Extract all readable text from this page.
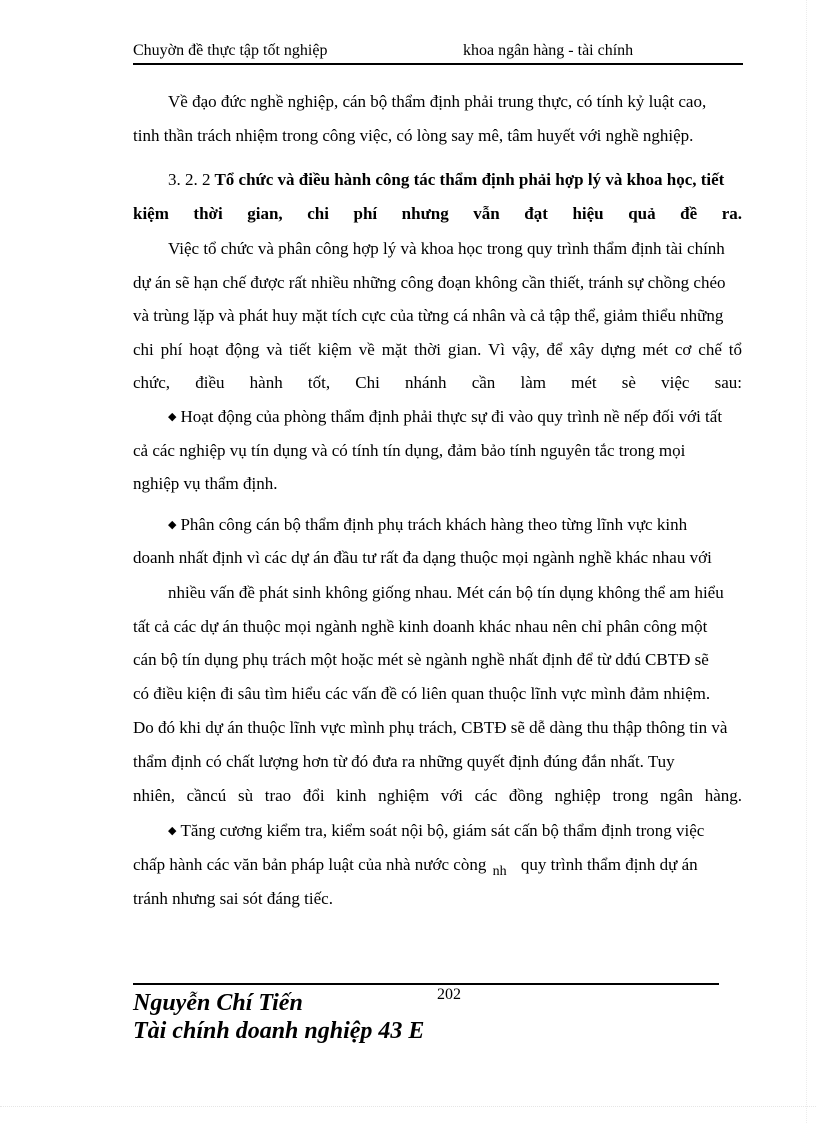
Chuyờn đề thực tập tốt nghiệp	khoa ngân hàng - tài chính
Về đạo đức nghề nghiệp, cán bộ thẩm định phải trung thực, có tính kỷ luật cao,
tinh thần trách nhiệm trong công việc, có lòng say mê, tâm huyết với nghề nghiệp.
3. 2. 2 Tổ chức và điều hành công tác thẩm định phải hợp lý và khoa học, tiết
kiệm thời gian, chi phí nhưng vẫn đạt hiệu quả đề ra.
Việc tổ chức và phân công hợp lý và khoa học trong quy trình thẩm định tài chính
dự án sẽ hạn chế được rất nhiều những công đoạn không cần thiết, tránh sự chồng chéo
và trùng lặp và phát huy mặt tích cực của từng cá nhân và cả tập thể, giảm thiểu những
chi phí hoạt động và tiết kiệm về mặt thời gian. Vì vậy, để xây dựng mét cơ chế tổ
chức, điều hành tốt, Chi nhánh cần làm mét sè việc sau:
◆ Hoạt động của phòng thẩm định phải thực sự đi vào quy trình nề nếp đối với tất
cả các nghiệp vụ tín dụng và có tính tín dụng, đảm bảo tính nguyên tắc trong mọi
nghiệp vụ thẩm định.
◆ Phân công cán bộ thẩm định phụ trách khách hàng theo từng lĩnh vực kinh
doanh nhất định vì các dự án đầu tư rất đa dạng thuộc mọi ngành nghề khác nhau với
nhiều vấn đề phát sinh không giống nhau. Mét cán bộ tín dụng không thể am hiểu
tất cả các dự án thuộc mọi ngành nghề kinh doanh khác nhau nên chỉ phân công một
cán bộ tín dụng phụ trách một hoặc mét sè ngành nghề nhất định để từ dđú CBTĐ sẽ
có điều kiện đi sâu tìm hiểu các vấn đề có liên quan thuộc lĩnh vực mình đảm nhiệm.
Do đó khi dự án thuộc lĩnh vực mình phụ trách, CBTĐ sẽ dễ dàng thu thập thông tin và
thẩm định có chất lượng hơn từ đó đưa ra những quyết định đúng đắn nhất. Tuy
nhiên, cầncú sù trao đổi kinh nghiệm với các đồng nghiệp trong ngân hàng.
◆ Tăng cương kiểm tra, kiểm soát nội bộ, giám sát cấn bộ thẩm định trong việc
chấp hành các văn bản pháp luật của nhà nước còng $_{nh}$ quy trình thẩm định dự án
tránh nhưng sai sót đáng tiếc.
202
Nguyễn Chí Tiến
Tài chính doanh nghiệp 43 E
